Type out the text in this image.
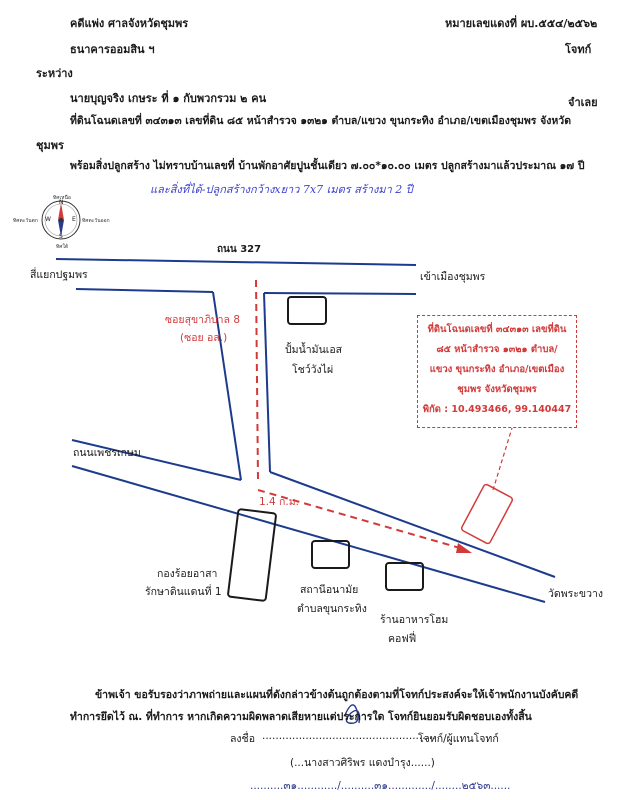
คดีแพ่ง ศาลจังหวัดชุมพร	หมายเลขแดงที่ ผบ.๕๕๔/๒๕๖๒
ธนาคารออมสิน ฯ	โจทก์
ระหว่าง
นายบุญจริง เกษระ ที่ ๑ กับพวกรวม ๒ คน	จำเลย
ที่ดินโฉนดเลขที่ ๓๔๓๑๓ เลขที่ดิน ๘๕ หน้าสำรวจ ๑๓๒๑ ตำบล/แขวง ขุนกระทิง อำเภอ/เขตเมืองชุมพร จังหวัด
ชุมพร
พร้อมสิ่งปลูกสร้าง ไม่ทราบบ้านเลขที่ บ้านพักอาศัยปูนชั้นเดียว ๗.๐๐*๑๐.๐๐ เมตร ปลูกสร้างมาแล้วประมาณ ๑๗ ปี
และสิ่งที่ได้-ปลูกสร้างกว้างxยาว 7x7 เมตร สร้างมา 2 ปี
ทิศเหนือ
ทิศใต้
ทิศตะวันออก
ทิศตะวันตก
N
S
E
W
ถนน 327
สี่แยกปฐมพร	เข้าเมืองชุมพร
ซอยสุขาภิบาล 8
(ซอย อส.)
ปั้มน้ำมันเอส
โชว์วังไผ่
ถนนเพชรเกษม
1.4 ก.ม.
กองร้อยอาสา
รักษาดินแดนที่ 1	สถานีอนามัย
ตำบลขุนกระทิง
ร้านอาหารโฮม
คอฟฟี่
วัดพระขวาง
ที่ดินโฉนดเลขที่ ๓๔๓๑๓ เลขที่ดิน
๘๕ หน้าสำรวจ ๑๓๒๑ ตำบล/
แขวง ขุนกระทิง อำเภอ/เขตเมือง
ชุมพร จังหวัดชุมพร
พิกัด : 10.493466, 99.140447
ข้าพเจ้า ขอรับรองว่าภาพถ่ายและแผนที่ดังกล่าวข้างต้นถูกต้องตามที่โจทก์ประสงค์จะให้เจ้าพนักงานบังคับคดี
ทำการยึดไว้ ณ. ที่ทำการ หากเกิดความผิดพลาดเสียหายแต่ประการใด โจทก์ยินยอมรับผิดชอบเองทั้งสิ้น
ลงชื่อ ....................................................
โจทก์/ผู้แทนโจทก์
(...นางสาวศิริพร แดงบำรุง......)
..........๓๑............/..........๓๑............./........๒๕๖๓......
